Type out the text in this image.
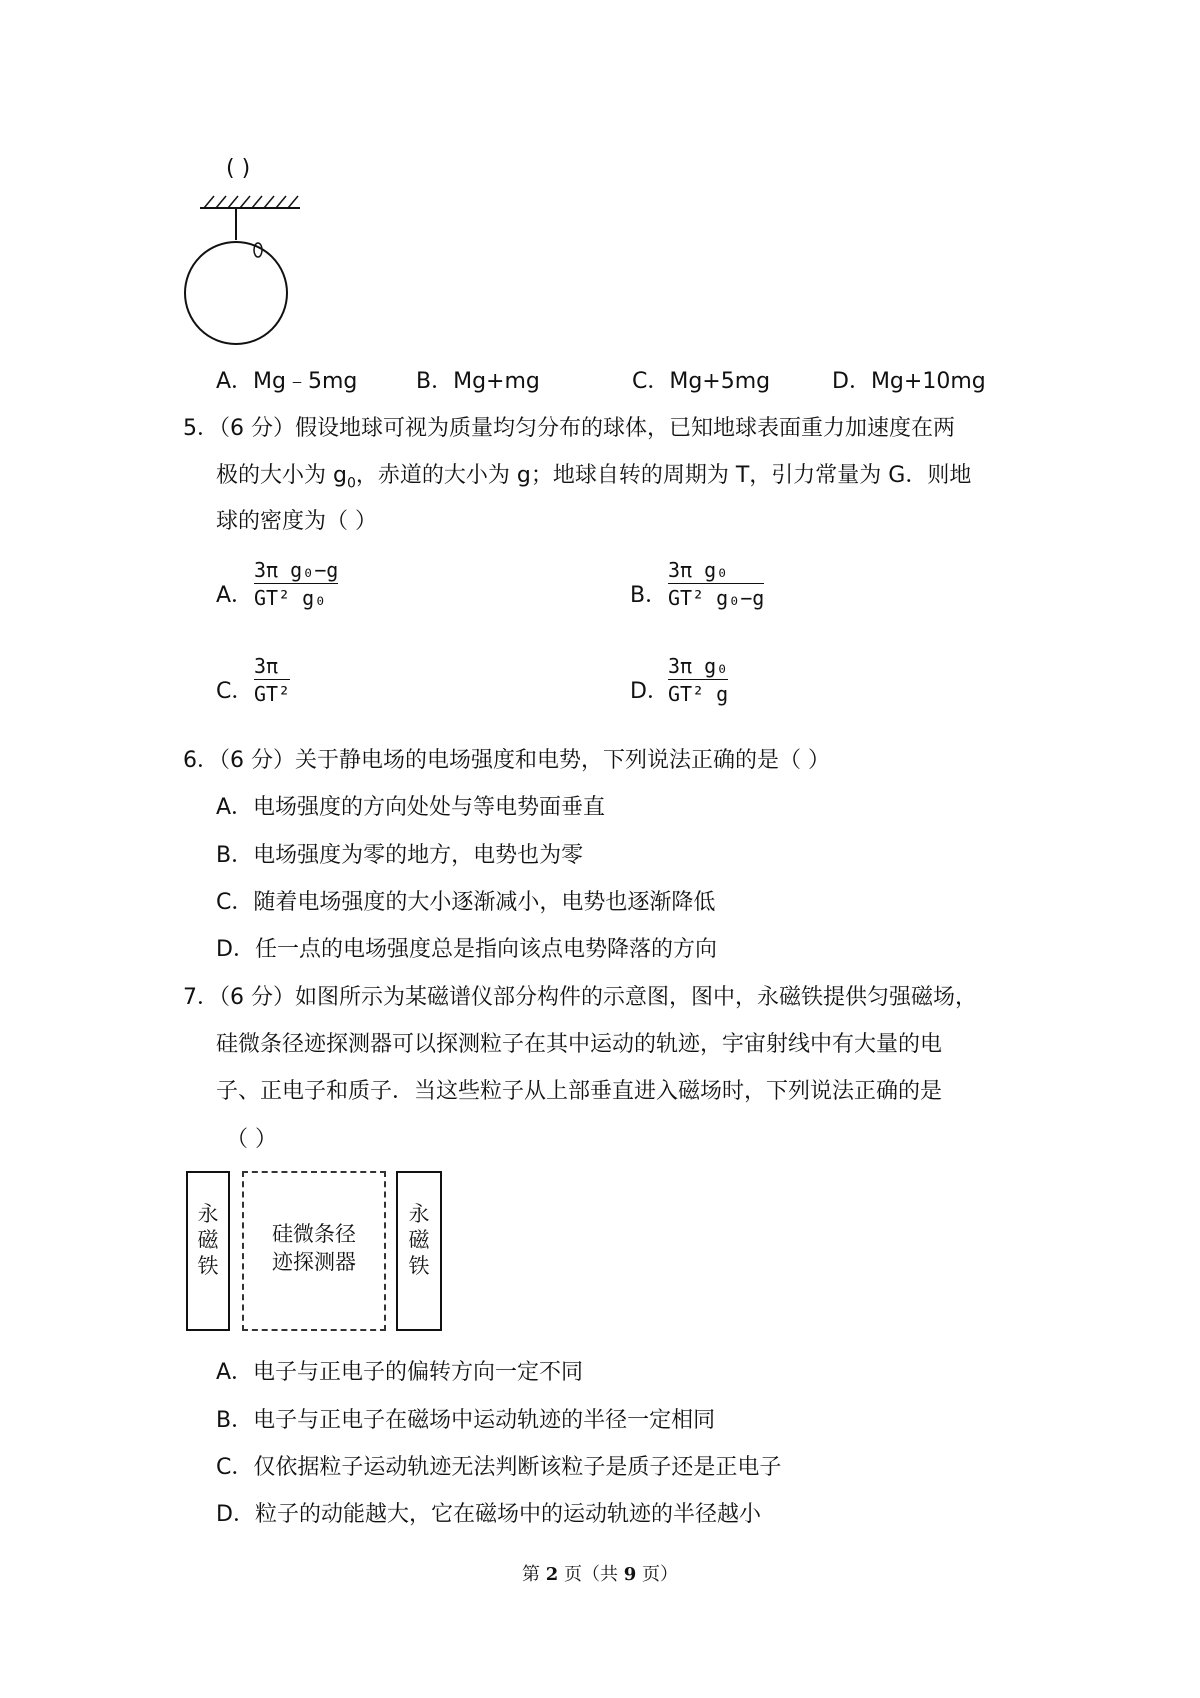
( )
A．Mg﹣5mg	B．Mg+mg	C．Mg+5mg	D．Mg+10mg
5．（6 分）假设地球可视为质量均匀分布的球体，已知地球表面重力加速度在两
极的大小为 $g_0$，赤道的大小为 g；地球自转的周期为 T，引力常量为 G．则地
球的密度为（ ）
A．
3π g₀−g
GT² g₀	B．
3π g₀
GT² g₀−g
C．
3π
GT²	D．
3π g₀
GT² g
6．（6 分）关于静电场的电场强度和电势，下列说法正确的是（ ）
A．电场强度的方向处处与等电势面垂直
B．电场强度为零的地方，电势也为零
C．随着电场强度的大小逐渐减小，电势也逐渐降低
D．任一点的电场强度总是指向该点电势降落的方向
7．（6 分）如图所示为某磁谱仪部分构件的示意图，图中，永磁铁提供匀强磁场，
硅微条径迹探测器可以探测粒子在其中运动的轨迹，宇宙射线中有大量的电
子、正电子和质子．当这些粒子从上部垂直进入磁场时，下列说法正确的是
（ ）
永
磁
铁
硅微条径
迹探测器
永
磁
铁
A．电子与正电子的偏转方向一定不同
B．电子与正电子在磁场中运动轨迹的半径一定相同
C．仅依据粒子运动轨迹无法判断该粒子是质子还是正电子
D．粒子的动能越大，它在磁场中的运动轨迹的半径越小
第 2 页（共 9 页）
